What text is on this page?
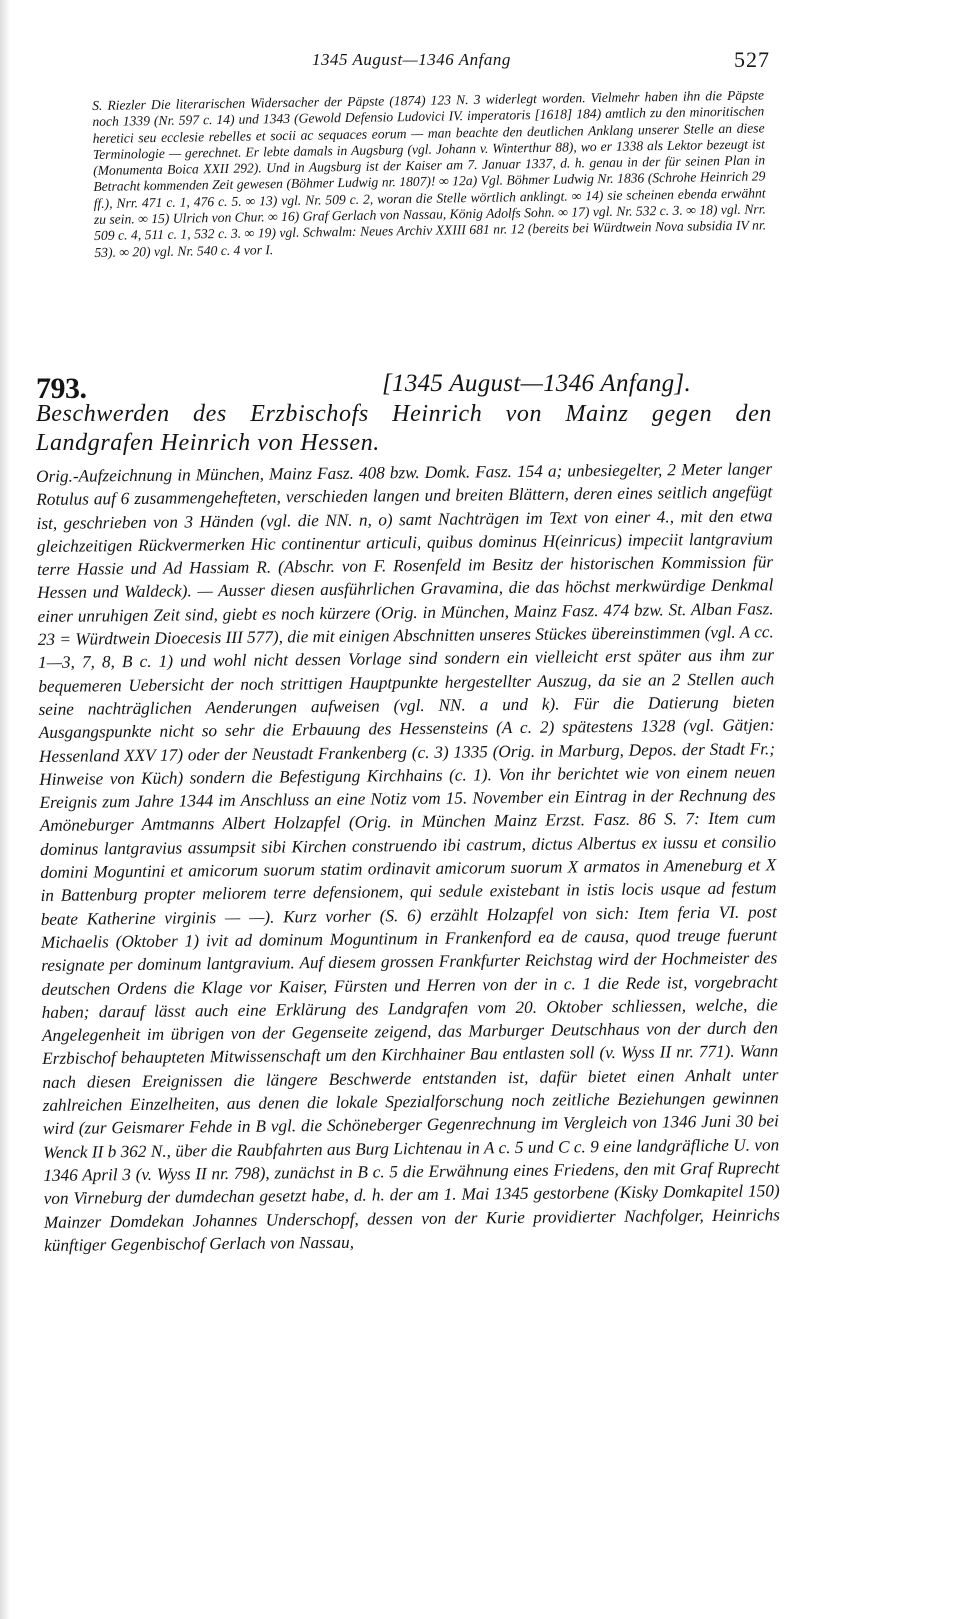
1345 August—1346 Anfang	527

S. Riezler Die literarischen Widersacher der Päpste (1874) 123 N. 3 widerlegt worden. Vielmehr haben ihn die Päpste noch 1339 (Nr. 597 c. 14) und 1343 (Gewold Defensio Ludovici IV. imperatoris [1618] 184) amtlich zu den minoritischen heretici seu ecclesie rebelles et socii ac sequaces eorum — man beachte den deutlichen Anklang unserer Stelle an diese Terminologie — gerechnet. Er lebte damals in Augsburg (vgl. Johann v. Winterthur 88), wo er 1338 als Lektor bezeugt ist (Monumenta Boica XXII 292). Und in Augsburg ist der Kaiser am 7. Januar 1337, d. h. genau in der für seinen Plan in Betracht kommenden Zeit gewesen (Böhmer Ludwig nr. 1807)! ∞ 12a) Vgl. Böhmer Ludwig Nr. 1836 (Schrohe Heinrich 29 ff.), Nrr. 471 c. 1, 476 c. 5. ∞ 13) vgl. Nr. 509 c. 2, woran die Stelle wörtlich anklingt. ∞ 14) sie scheinen ebenda erwähnt zu sein. ∞ 15) Ulrich von Chur. ∞ 16) Graf Gerlach von Nassau, König Adolfs Sohn. ∞ 17) vgl. Nr. 532 c. 3. ∞ 18) vgl. Nrr. 509 c. 4, 511 c. 1, 532 c. 3. ∞ 19) vgl. Schwalm: Neues Archiv XXIII 681 nr. 12 (bereits bei Würdtwein Nova subsidia IV nr. 53). ∞ 20) vgl. Nr. 540 c. 4 vor I.

793.	[1345 August—1346 Anfang].
Beschwerden des Erzbischofs Heinrich von Mainz gegen den Landgrafen Heinrich von Hessen.

Orig.-Aufzeichnung in München, Mainz Fasz. 408 bzw. Domk. Fasz. 154 a; unbesiegelter, 2 Meter langer Rotulus auf 6 zusammengehefteten, verschieden langen und breiten Blättern, deren eines seitlich angefügt ist, geschrieben von 3 Händen (vgl. die NN. n, o) samt Nachträgen im Text von einer 4., mit den etwa gleichzeitigen Rückvermerken Hic continentur articuli, quibus dominus H(einricus) impeciit lantgravium terre Hassie und Ad Hassiam R. (Abschr. von F. Rosenfeld im Besitz der historischen Kommission für Hessen und Waldeck). — Ausser diesen ausführlichen Gravamina, die das höchst merkwürdige Denkmal einer unruhigen Zeit sind, giebt es noch kürzere (Orig. in München, Mainz Fasz. 474 bzw. St. Alban Fasz. 23 = Würdtwein Dioecesis III 577), die mit einigen Abschnitten unseres Stückes übereinstimmen (vgl. A cc. 1—3, 7, 8, B c. 1) und wohl nicht dessen Vorlage sind sondern ein vielleicht erst später aus ihm zur bequemeren Uebersicht der noch strittigen Hauptpunkte hergestellter Auszug, da sie an 2 Stellen auch seine nachträglichen Aenderungen aufweisen (vgl. NN. a und k). Für die Datierung bieten Ausgangspunkte nicht so sehr die Erbauung des Hessensteins (A c. 2) spätestens 1328 (vgl. Gätjen: Hessenland XXV 17) oder der Neustadt Frankenberg (c. 3) 1335 (Orig. in Marburg, Depos. der Stadt Fr.; Hinweise von Küch) sondern die Befestigung Kirchhains (c. 1). Von ihr berichtet wie von einem neuen Ereignis zum Jahre 1344 im Anschluss an eine Notiz vom 15. November ein Eintrag in der Rechnung des Amöneburger Amtmanns Albert Holzapfel (Orig. in München Mainz Erzst. Fasz. 86 S. 7: Item cum dominus lantgravius assumpsit sibi Kirchen construendo ibi castrum, dictus Albertus ex iussu et consilio domini Moguntini et amicorum suorum statim ordinavit amicorum suorum X armatos in Ameneburg et X in Battenburg propter meliorem terre defensionem, qui sedule existebant in istis locis usque ad festum beate Katherine virginis — —). Kurz vorher (S. 6) erzählt Holzapfel von sich: Item feria VI. post Michaelis (Oktober 1) ivit ad dominum Moguntinum in Frankenford ea de causa, quod treuge fuerunt resignate per dominum lantgravium. Auf diesem grossen Frankfurter Reichstag wird der Hochmeister des deutschen Ordens die Klage vor Kaiser, Fürsten und Herren von der in c. 1 die Rede ist, vorgebracht haben; darauf lässt auch eine Erklärung des Landgrafen vom 20. Oktober schliessen, welche, die Angelegenheit im übrigen von der Gegenseite zeigend, das Marburger Deutschhaus von der durch den Erzbischof behaupteten Mitwissenschaft um den Kirchhainer Bau entlasten soll (v. Wyss II nr. 771). Wann nach diesen Ereignissen die längere Beschwerde entstanden ist, dafür bietet einen Anhalt unter zahlreichen Einzelheiten, aus denen die lokale Spezialforschung noch zeitliche Beziehungen gewinnen wird (zur Geismarer Fehde in B vgl. die Schöneberger Gegenrechnung im Vergleich von 1346 Juni 30 bei Wenck II b 362 N., über die Raubfahrten aus Burg Lichtenau in A c. 5 und C c. 9 eine landgräfliche U. von 1346 April 3 (v. Wyss II nr. 798), zunächst in B c. 5 die Erwähnung eines Friedens, den mit Graf Ruprecht von Virneburg der dumdechan gesetzt habe, d. h. der am 1. Mai 1345 gestorbene (Kisky Domkapitel 150) Mainzer Domdekan Johannes Underschopf, dessen von der Kurie providierter Nachfolger, Heinrichs künftiger Gegenbischof Gerlach von Nassau,
